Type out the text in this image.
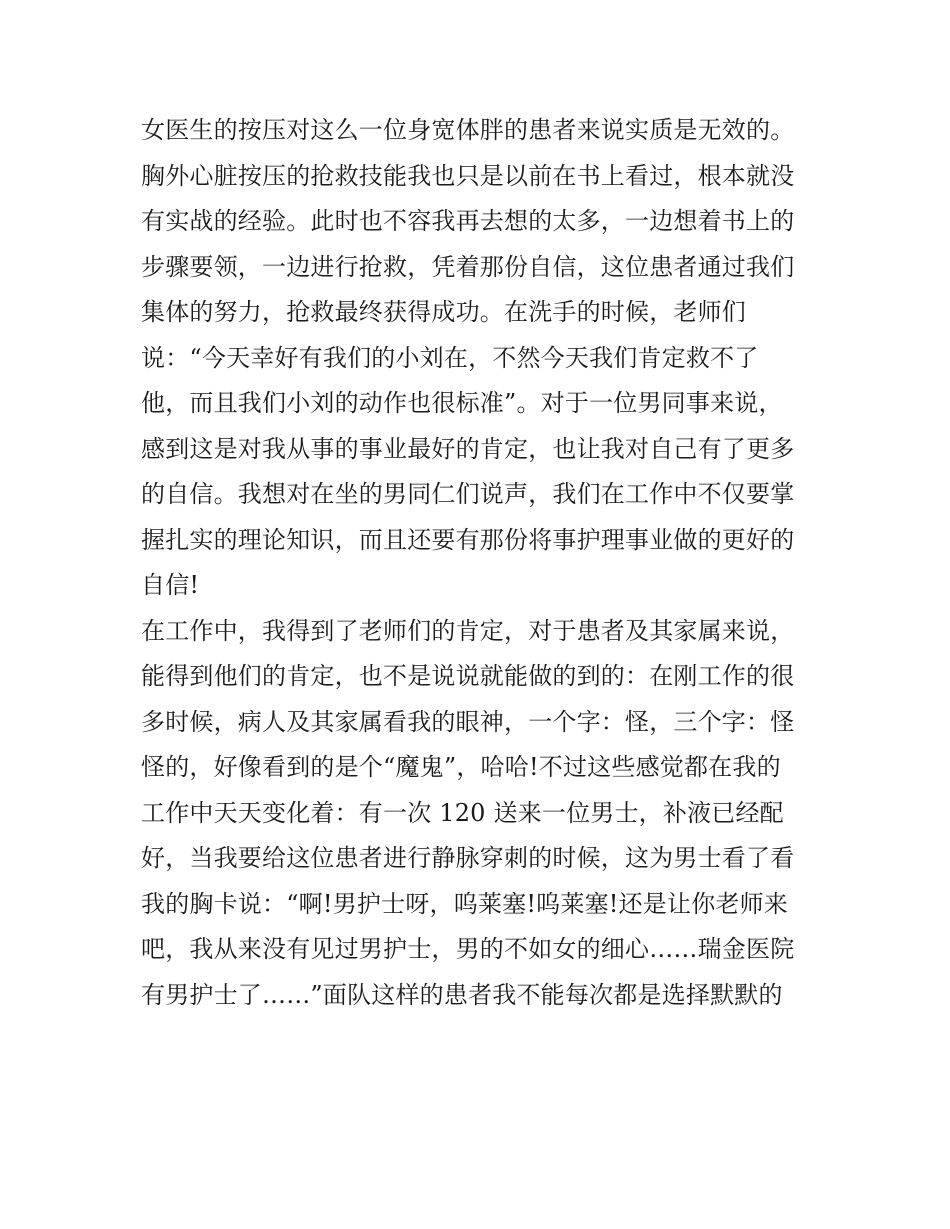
女医生的按压对这么一位身宽体胖的患者来说实质是无效的。
胸外心脏按压的抢救技能我也只是以前在书上看过，根本就没
有实战的经验。此时也不容我再去想的太多，一边想着书上的
步骤要领，一边进行抢救，凭着那份自信，这位患者通过我们
集体的努力，抢救最终获得成功。在洗手的时候，老师们
说：“今天幸好有我们的小刘在，不然今天我们肯定救不了
他，而且我们小刘的动作也很标准”。对于一位男同事来说，
感到这是对我从事的事业最好的肯定，也让我对自己有了更多
的自信。我想对在坐的男同仁们说声，我们在工作中不仅要掌
握扎实的理论知识，而且还要有那份将事护理事业做的更好的
自信!
在工作中，我得到了老师们的肯定，对于患者及其家属来说，
能得到他们的肯定，也不是说说就能做的到的：在刚工作的很
多时候，病人及其家属看我的眼神，一个字：怪，三个字：怪
怪的，好像看到的是个“魔鬼”，哈哈!不过这些感觉都在我的
工作中天天变化着：有一次 120 送来一位男士，补液已经配
好，当我要给这位患者进行静脉穿刺的时候，这为男士看了看
我的胸卡说：“啊!男护士呀，呜莱塞!呜莱塞!还是让你老师来
吧，我从来没有见过男护士，男的不如女的细心……瑞金医院
有男护士了……”面队这样的患者我不能每次都是选择默默的
